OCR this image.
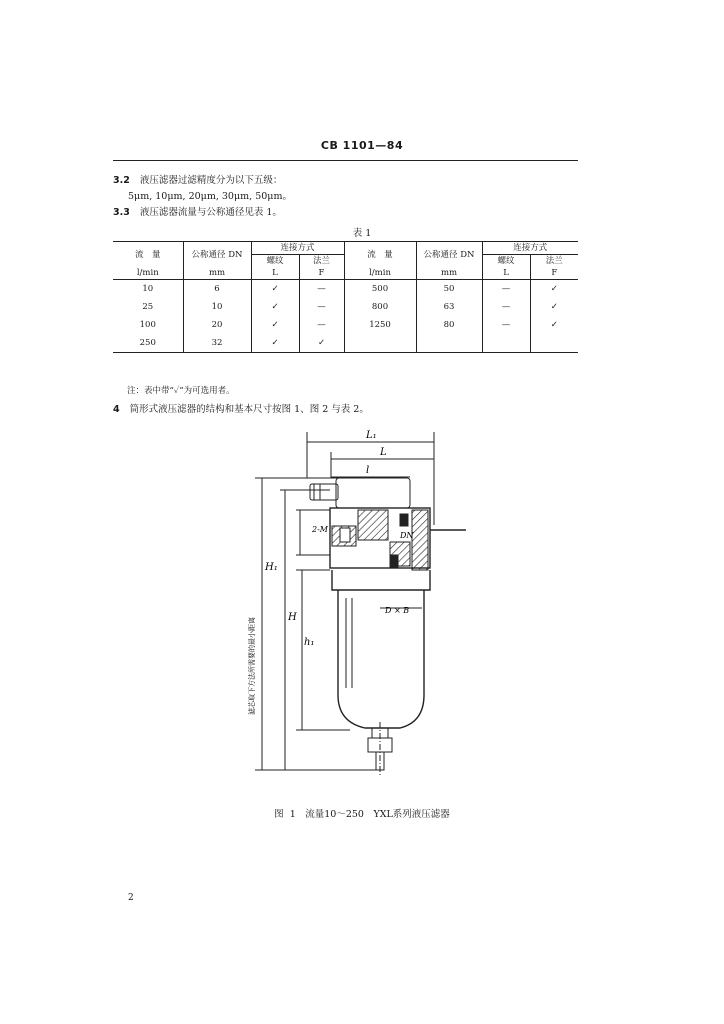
CB 1101—84
3.2 液压滤器过滤精度分为以下五级：
5μm, 10μm, 20μm, 30μm, 50μm。
3.3 液压滤器流量与公称通径见表 1。
表 1
流　量	公称通径 DN	连接方式		流　量	公称通径 DN	连接方式	
		螺纹	法兰			螺纹	法兰
l/min	mm	L	F	l/min	mm	L	F
10	6	✓	—	500	50	—	✓
25	10	✓	—	800	63	—	✓
100	20	✓	—	1250	80	—	✓
250	32	✓	✓				
注：表中带“✓”为可选用者。
4 筒形式液压滤器的结构和基本尺寸按图 1、图 2 与表 2。
L₁
L
l
H₁
H
h₁
2-M
DN
D × B
滤芯取下方法所需要的最小距离
图 1　流量10～250　YXL系列液压滤器
2
